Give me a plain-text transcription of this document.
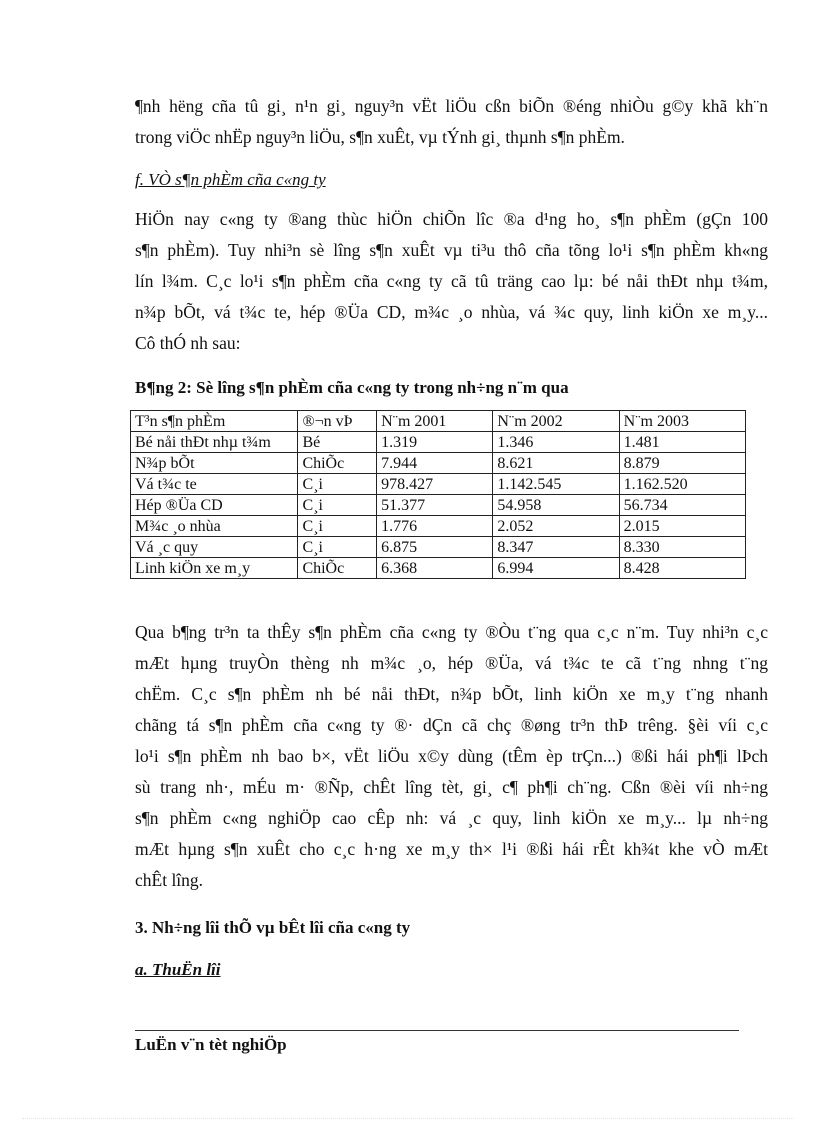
¶nh hëng cña tû gi¸ n¹n gi¸ nguy³n vËt liÖu cßn biÕn ®éng nhiÒu g©y khã kh¨n
trong viÖc nhËp nguy³n liÖu, s¶n xuÊt, vµ tÝnh gi¸ thµnh s¶n phÈm.

f. VÒ s¶n phÈm cña c«ng ty

HiÖn nay c«ng ty ®ang thùc hiÖn chiÕn lîc ®a d¹ng ho¸ s¶n phÈm (gÇn 100
s¶n phÈm). Tuy nhi³n sè lîng s¶n xuÊt vµ ti³u thô cña tõng lo¹i s¶n phÈm kh«ng
lín l¾m. C¸c lo¹i s¶n phÈm cña c«ng ty cã tû träng cao lµ: bé nåi thÐt nhµ t¾m,
n¾p bÕt, vá t¾c te, hép ®Üa CD, m¾c ¸o nhùa, vá ¾c quy, linh kiÖn xe m¸y...
Cô thÓ nh sau:

B¶ng 2: Sè lîng s¶n phÈm cña c«ng ty trong nh÷ng n¨m qua

T³n s¶n phÈm	®¬n vÞ	N¨m 2001	N¨m 2002	N¨m 2003
Bé nåi thÐt nhµ t¾m	Bé	1.319	1.346	1.481
N¾p bÕt	ChiÕc	7.944	8.621	8.879
Vá t¾c te	C¸i	978.427	1.142.545	1.162.520
Hép ®Üa CD	C¸i	51.377	54.958	56.734
M¾c ¸o nhùa	C¸i	1.776	2.052	2.015
Vá ¸c quy	C¸i	6.875	8.347	8.330
Linh kiÖn xe m¸y	ChiÕc	6.368	6.994	8.428
Qua b¶ng tr³n ta thÊy s¶n phÈm cña c«ng ty ®Òu t¨ng qua c¸c n¨m. Tuy nhi³n c¸c
mÆt hµng truyÒn thèng nh m¾c ¸o, hép ®Üa, vá t¾c te cã t¨ng nhng t¨ng
chËm. C¸c s¶n phÈm nh bé nåi thÐt, n¾p bÕt, linh kiÖn xe m¸y t¨ng nhanh
chãng tá s¶n phÈm cña c«ng ty ®· dÇn cã chç ®øng tr³n thÞ trêng. §èi víi c¸c
lo¹i s¶n phÈm nh bao b×, vËt liÖu x©y dùng (tÊm èp trÇn...) ®ßi hái ph¶i lÞch
sù trang nh·, mÉu m· ®Ñp, chÊt lîng tèt, gi¸ c¶ ph¶i ch¨ng. Cßn ®èi víi nh÷ng
s¶n phÈm c«ng nghiÖp cao cÊp nh: vá ¸c quy, linh kiÖn xe m¸y... lµ nh÷ng
mÆt hµng s¶n xuÊt cho c¸c h·ng xe m¸y th× l¹i ®ßi hái rÊt kh¾t khe vÒ mÆt
chÊt lîng.

3. Nh÷ng lîi thÕ vµ bÊt lîi cña c«ng ty

a. ThuËn lîi

LuËn v¨n tèt nghiÖp
